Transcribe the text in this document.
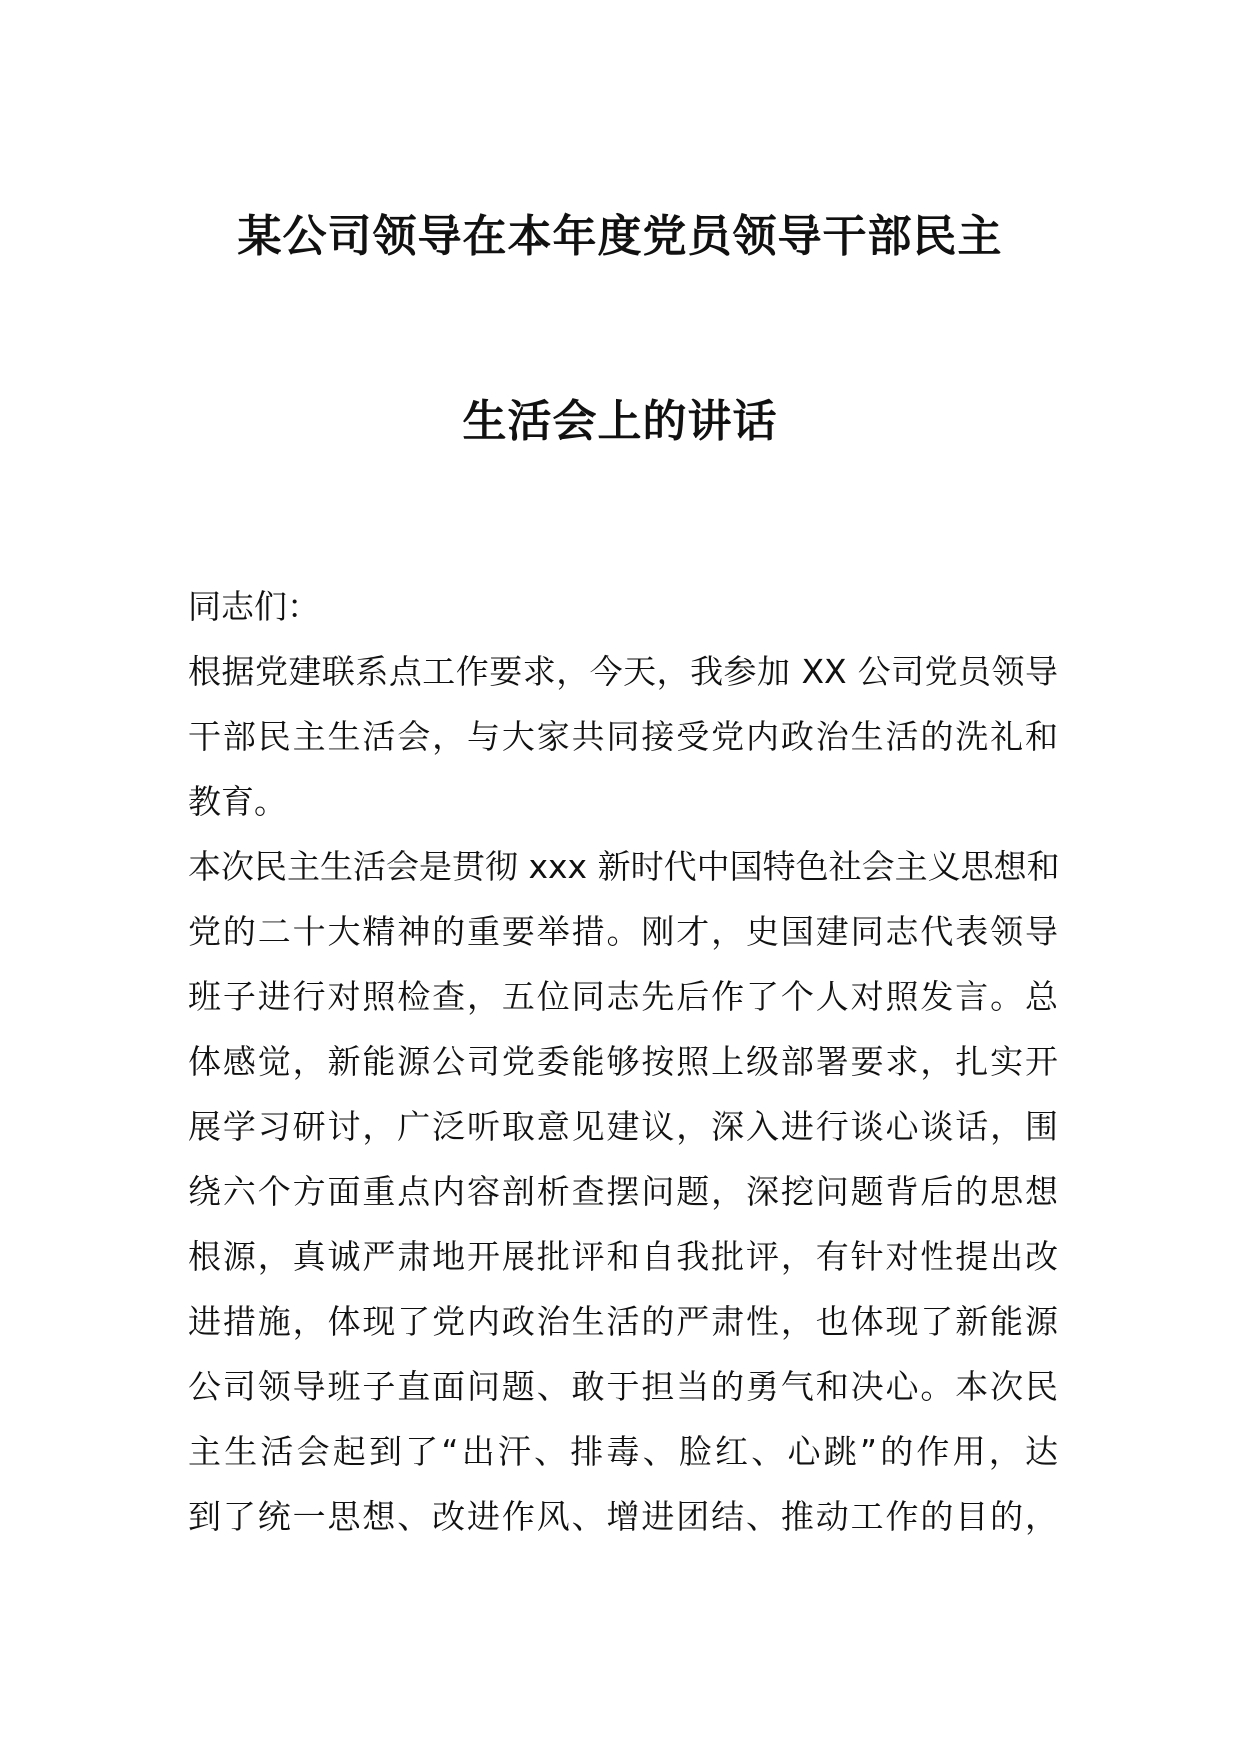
某公司领导在本年度党员领导干部民主
生活会上的讲话
同志们：
根据党建联系点工作要求，今天，我参加 XX 公司党员领导
干部民主生活会，与大家共同接受党内政治生活的洗礼和
教育。
本次民主生活会是贯彻 xxx 新时代中国特色社会主义思想和
党的二十大精神的重要举措。刚才，史国建同志代表领导
班子进行对照检查，五位同志先后作了个人对照发言。总
体感觉，新能源公司党委能够按照上级部署要求，扎实开
展学习研讨，广泛听取意见建议，深入进行谈心谈话，围
绕六个方面重点内容剖析查摆问题，深挖问题背后的思想
根源，真诚严肃地开展批评和自我批评，有针对性提出改
进措施，体现了党内政治生活的严肃性，也体现了新能源
公司领导班子直面问题、敢于担当的勇气和决心。本次民
主生活会起到了“出汗、排毒、脸红、心跳”的作用，达
到了统一思想、改进作风、增进团结、推动工作的目的，
